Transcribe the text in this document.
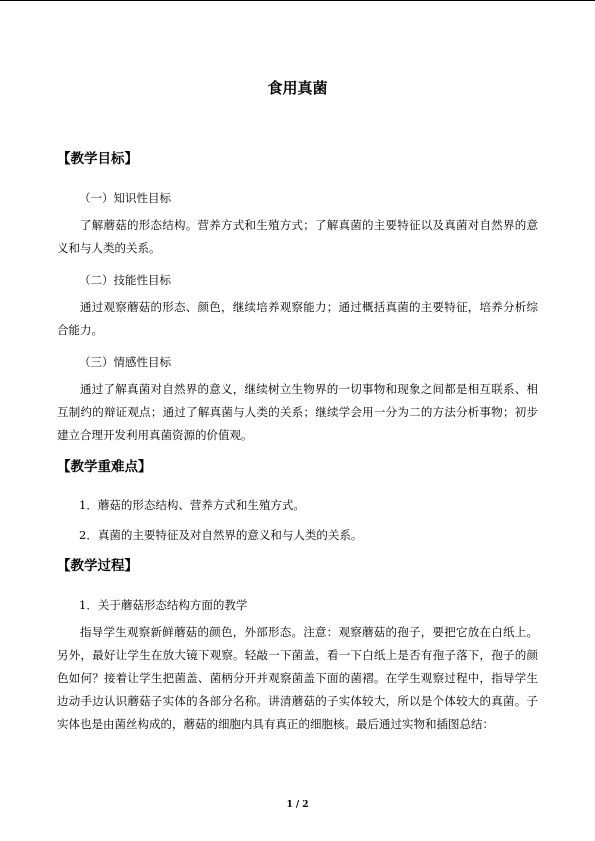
食用真菌
【教学目标】
（一）知识性目标

了解蘑菇的形态结构。营养方式和生殖方式；了解真菌的主要特征以及真菌对自然界的意义和与人类的关系。

（二）技能性目标

通过观察蘑菇的形态、颜色，继续培养观察能力；通过概括真菌的主要特征，培养分析综合能力。

（三）情感性目标

通过了解真菌对自然界的意义，继续树立生物界的一切事物和现象之间都是相互联系、相互制约的辩证观点；通过了解真菌与人类的关系；继续学会用一分为二的方法分析事物；初步建立合理开发利用真菌资源的价值观。

【教学重难点】
1．蘑菇的形态结构、营养方式和生殖方式。
2．真菌的主要特征及对自然界的意义和与人类的关系。
【教学过程】
1．关于蘑菇形态结构方面的教学

指导学生观察新鲜蘑菇的颜色，外部形态。注意：观察蘑菇的孢子，要把它放在白纸上。另外，最好让学生在放大镜下观察。轻敲一下菌盖，看一下白纸上是否有孢子落下，孢子的颜色如何？接着让学生把菌盖、菌柄分开并观察菌盖下面的菌褶。在学生观察过程中，指导学生边动手边认识蘑菇子实体的各部分名称。讲清蘑菇的子实体较大，所以是个体较大的真菌。子实体也是由菌丝构成的，蘑菇的细胞内具有真正的细胞核。最后通过实物和插图总结：

1 / 2
